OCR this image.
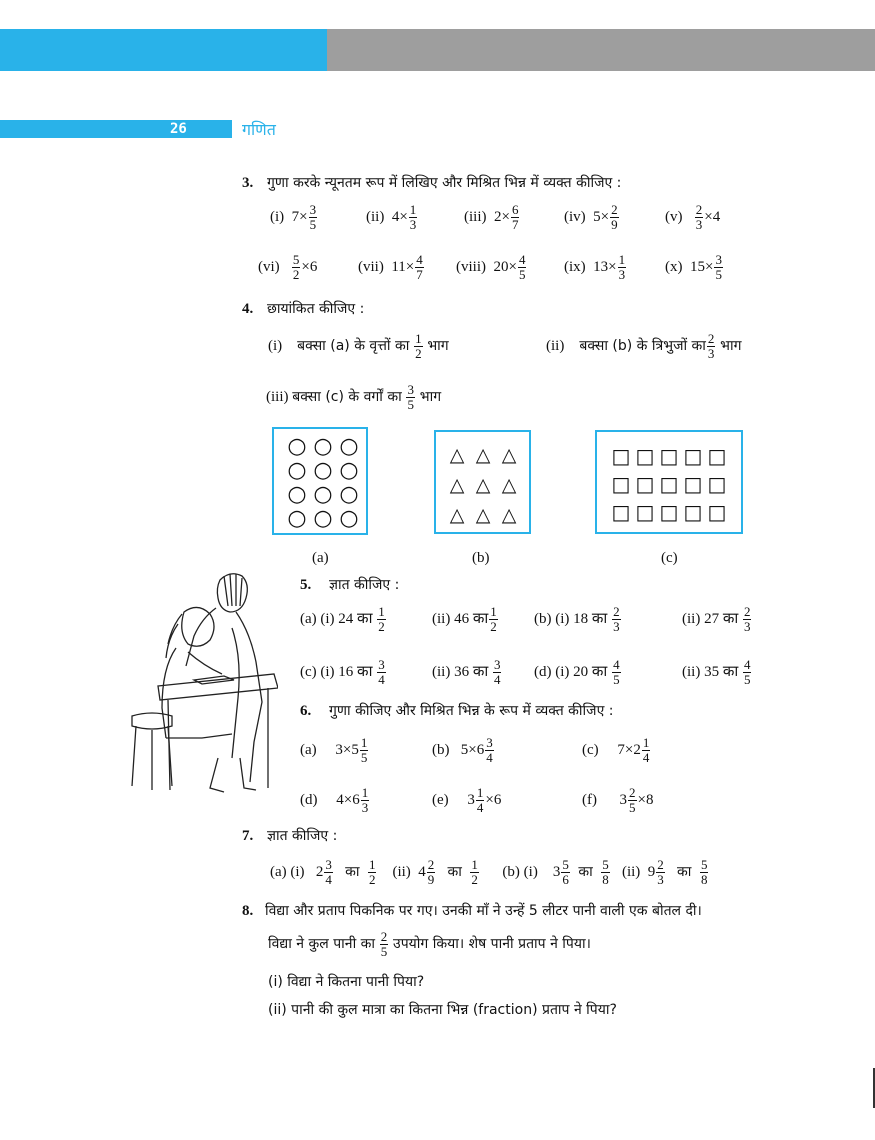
26	गणित
3. गुणा करके न्यूनतम रूप में लिखिए और मिश्रित भिन्न में व्यक्त कीजिए :
(i) $7\times \frac{3}{5}$	(ii) $4\times \frac{1}{3}$	(iii) $2\times \frac{6}{7}$	(iv) $5\times \frac{2}{9}$	$(v) \frac{2}{3} \times 4$
$(vi) \frac{5}{2} \times 6$	(vii) $11\times \frac{4}{7}$ (viii) $20\times \frac{4}{5}$	(ix) $13\times \frac{1}{3}$	(x) $15\times \frac{3}{5}$
4. छायांकित कीजिए :
(i) बक्सा (a) के वृत्तों का $\frac{1}{2}$ भाग	(ii) बक्सा (b) के त्रिभुजों का $\frac{2}{3}$ भाग
(iii) बक्सा (c) के वर्गों का $\frac{3}{5}$ भाग
○ ○ ○
○ ○ ○
○ ○ ○
○ ○ ○
△ △ △
△ △ △
△ △ △
□ □ □ □ □
□ □ □ □ □
□ □ □ □ □
(a)	(b)	(c)
5. ज्ञात कीजिए :
(a) (i) 24 का $\frac{1}{2}$	(ii) 46 का $\frac{1}{2} (b)$ (i) 18 का $\frac{2}{3}$	(ii) 27 का $\frac{2}{3}$
(c) (i) 16 का $\frac{3}{4}$	(ii) 36 का $\frac{3}{4} (d)$ (i) 20 का $\frac{4}{5}$	(ii) 35 का $\frac{4}{5}$
6. गुणा कीजिए और मिश्रित भिन्न के रूप में व्यक्त कीजिए :
(a) $3\times 5 \frac{1}{5}$	(b) $5\times 6 \frac{3}{4}$	(c) $7\times 2 \frac{1}{4}$
(d) $4\times 6 \frac{1}{3}$	(e) $3 \frac{1}{4} \times 6$	(f) $3 \frac{2}{5} \times 8$
7. ज्ञात कीजिए :
(a) (i) $2 \frac{3}{4}$ का $\frac{1}{2} (ii)$ $4 \frac{2}{9}$ का $\frac{1}{2} (b)$ (i) $3 \frac{5}{6}$ का $\frac{5}{8} (ii)$ $9 \frac{2}{3}$ का $\frac{5}{8}$
8. विद्या और प्रताप पिकनिक पर गए। उनकी माँ ने उन्हें 5 लीटर पानी वाली एक बोतल दी।
विद्या ने कुल पानी का $\frac{2}{5}$ उपयोग किया। शेष पानी प्रताप ने पिया।
(i) विद्या ने कितना पानी पिया?
(ii) पानी की कुल मात्रा का कितना भिन्न (fraction) प्रताप ने पिया?
